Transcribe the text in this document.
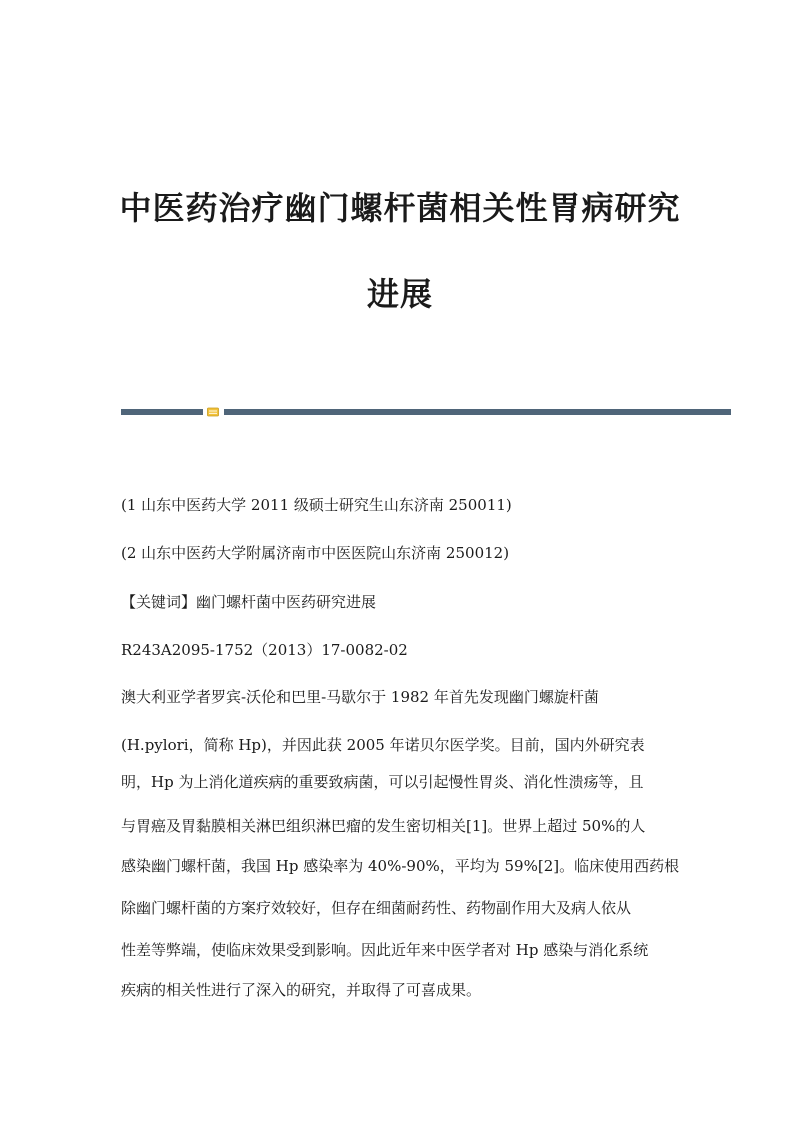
中医药治疗幽门螺杆菌相关性胃病研究
进展
(1 山东中医药大学 2011 级硕士研究生山东济南 250011)
(2 山东中医药大学附属济南市中医医院山东济南 250012)
【关键词】幽门螺杆菌中医药研究进展
R243A2095-1752（2013）17-0082-02
澳大利亚学者罗宾-沃伦和巴里-马歇尔于 1982 年首先发现幽门螺旋杆菌
(H.pylori，简称 Hp)，并因此获 2005 年诺贝尔医学奖。目前，国内外研究表
明，Hp 为上消化道疾病的重要致病菌，可以引起慢性胃炎、消化性溃疡等，且
与胃癌及胃黏膜相关淋巴组织淋巴瘤的发生密切相关[1]。世界上超过 50%的人
感染幽门螺杆菌，我国 Hp 感染率为 40%-90%，平均为 59%[2]。临床使用西药根
除幽门螺杆菌的方案疗效较好，但存在细菌耐药性、药物副作用大及病人依从
性差等弊端，使临床效果受到影响。因此近年来中医学者对 Hp 感染与消化系统
疾病的相关性进行了深入的研究，并取得了可喜成果。
